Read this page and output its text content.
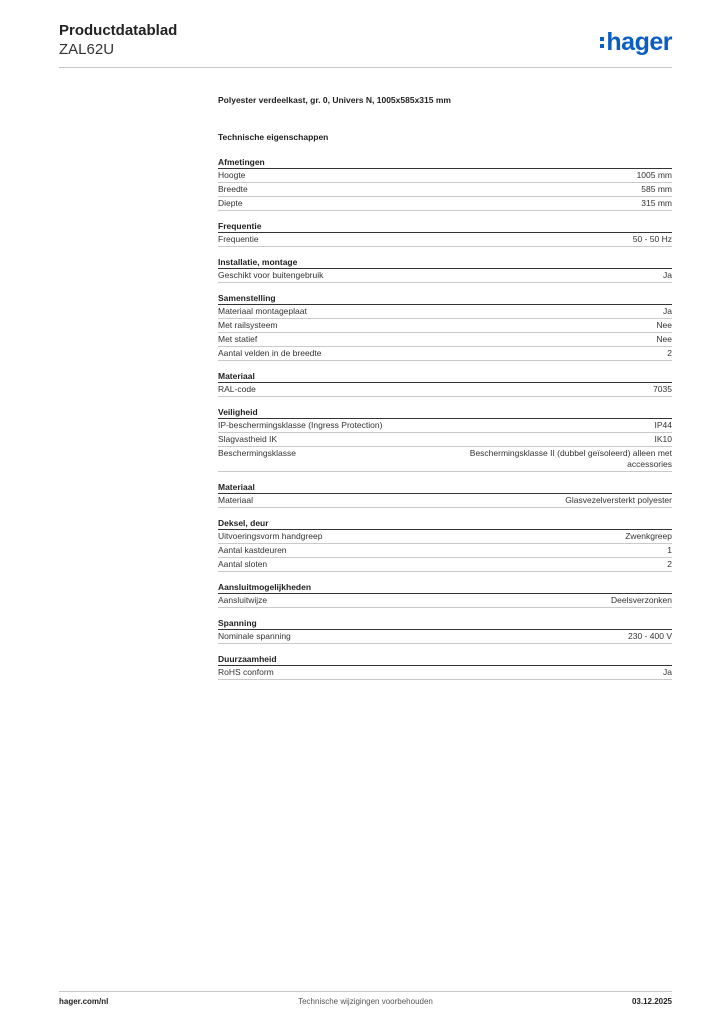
Productdatablad
ZAL62U	hager
Polyester verdeelkast, gr. 0, Univers N, 1005x585x315 mm
Technische eigenschappen
Afmetingen
Hoogte	1005 mm
Breedte	585 mm
Diepte	315 mm
Frequentie
Frequentie	50 - 50 Hz
Installatie, montage
Geschikt voor buitengebruik	Ja
Samenstelling
Materiaal montageplaat	Ja
Met railsysteem	Nee
Met statief	Nee
Aantal velden in de breedte	2
Materiaal
RAL-code	7035
Veiligheid
IP-beschermingsklasse (Ingress Protection)	IP44
Slagvastheid IK	IK10
Beschermingsklasse	Beschermingsklasse II (dubbel geïsoleerd) alleen met accessories
Materiaal
Materiaal	Glasvezelversterkt polyester
Deksel, deur
Uitvoeringsvorm handgreep	Zwenkgreep
Aantal kastdeuren	1
Aantal sloten	2
Aansluitmogelijkheden
Aansluitwijze	Deelsverzonken
Spanning
Nominale spanning	230 - 400 V
Duurzaamheid
RoHS conform	Ja
hager.com/nl	Technische wijzigingen voorbehouden	03.12.2025
